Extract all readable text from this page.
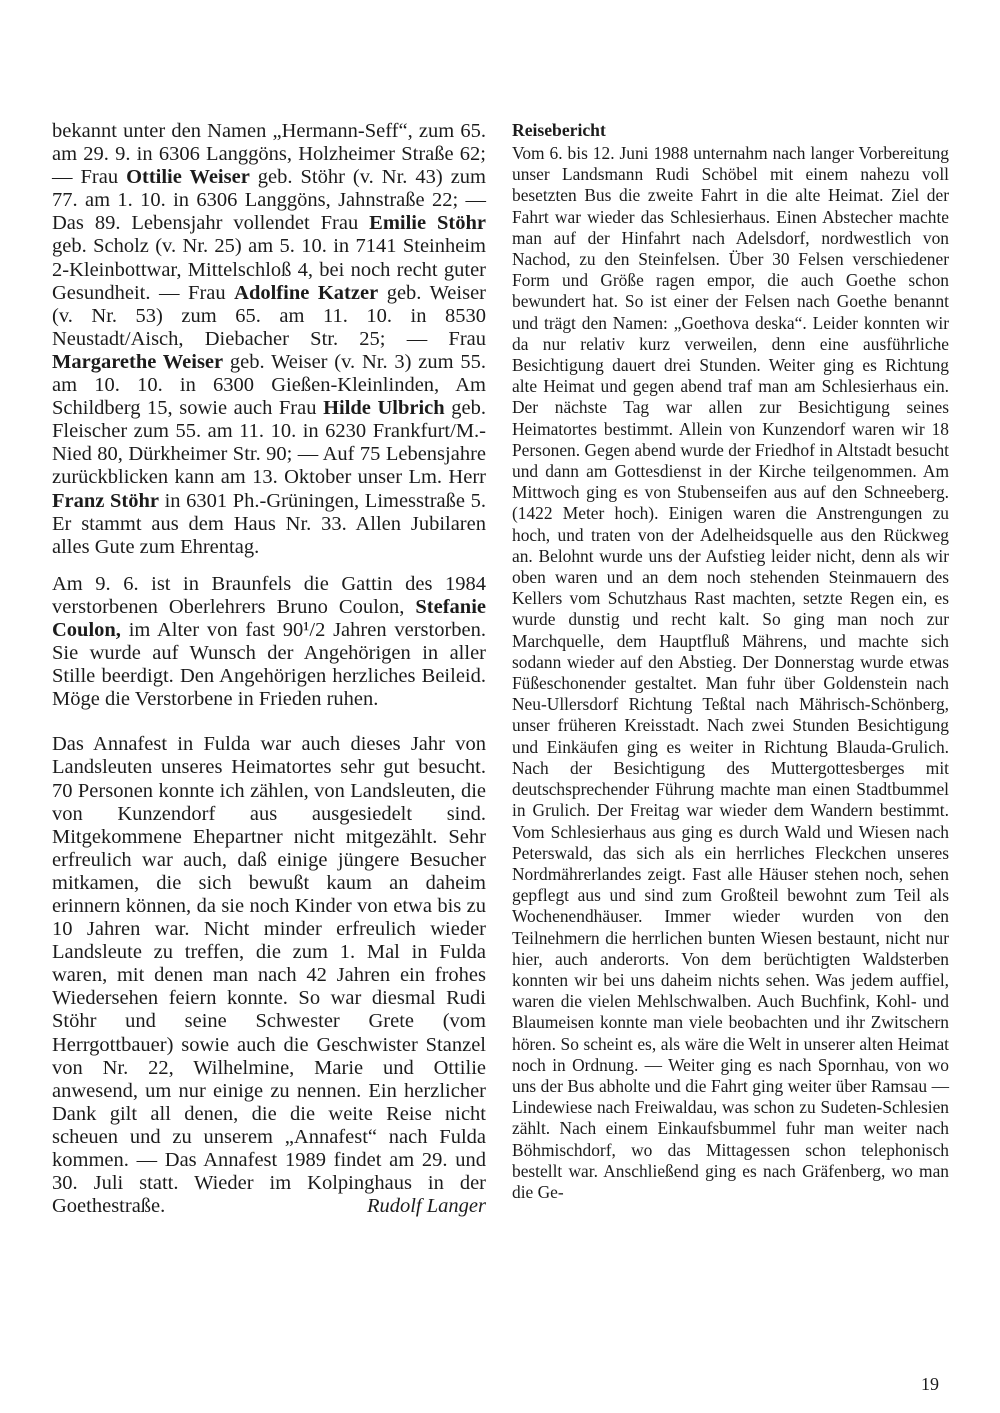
bekannt unter den Namen „Hermann-Seff“, zum 65. am 29. 9. in 6306 Langgöns, Holzheimer Straße 62; — Frau Ottilie Weiser geb. Stöhr (v. Nr. 43) zum 77. am 1. 10. in 6306 Langgöns, Jahnstraße 22; — Das 89. Lebensjahr vollendet Frau Emilie Stöhr geb. Scholz (v. Nr. 25) am 5. 10. in 7141 Steinheim 2-Kleinbottwar, Mittelschloß 4, bei noch recht guter Gesundheit. — Frau Adolfine Katzer geb. Weiser (v. Nr. 53) zum 65. am 11. 10. in 8530 Neustadt/Aisch, Diebacher Str. 25; — Frau Margarethe Weiser geb. Weiser (v. Nr. 3) zum 55. am 10. 10. in 6300 Gießen-Kleinlinden, Am Schildberg 15, sowie auch Frau Hilde Ulbrich geb. Fleischer zum 55. am 11. 10. in 6230 Frankfurt/M.-Nied 80, Dürkheimer Str. 90; — Auf 75 Lebensjahre zurückblicken kann am 13. Oktober unser Lm. Herr Franz Stöhr in 6301 Ph.-Grüningen, Limesstraße 5. Er stammt aus dem Haus Nr. 33. Allen Jubilaren alles Gute zum Ehrentag.

Am 9. 6. ist in Braunfels die Gattin des 1984 verstorbenen Oberlehrers Bruno Coulon, Stefanie Coulon, im Alter von fast 90¹/2 Jahren verstorben. Sie wurde auf Wunsch der Angehörigen in aller Stille beerdigt. Den Angehörigen herzliches Beileid. Möge die Verstorbene in Frieden ruhen.

Das Annafest in Fulda war auch dieses Jahr von Landsleuten unseres Heimatortes sehr gut besucht. 70 Personen konnte ich zählen, von Landsleuten, die von Kunzendorf aus ausgesiedelt sind. Mitgekommene Ehepartner nicht mitgezählt. Sehr erfreulich war auch, daß einige jüngere Besucher mitkamen, die sich bewußt kaum an daheim erinnern können, da sie noch Kinder von etwa bis zu 10 Jahren war. Nicht minder erfreulich wieder Landsleute zu treffen, die zum 1. Mal in Fulda waren, mit denen man nach 42 Jahren ein frohes Wiedersehen feiern konnte. So war diesmal Rudi Stöhr und seine Schwester Grete (vom Herrgottbauer) sowie auch die Geschwister Stanzel von Nr. 22, Wilhelmine, Marie und Ottilie anwesend, um nur einige zu nennen. Ein herzlicher Dank gilt all denen, die die weite Reise nicht scheuen und zu unserem „Annafest“ nach Fulda kommen. — Das Annafest 1989 findet am 29. und 30. Juli statt. Wieder im Kolpinghaus in der Goethestraße.	Rudolf Langer

Reisebericht

Vom 6. bis 12. Juni 1988 unternahm nach langer Vorbereitung unser Landsmann Rudi Schöbel mit einem nahezu voll besetzten Bus die zweite Fahrt in die alte Heimat. Ziel der Fahrt war wieder das Schlesierhaus. Einen Abstecher machte man auf der Hinfahrt nach Adelsdorf, nordwestlich von Nachod, zu den Steinfelsen. Über 30 Felsen verschiedener Form und Größe ragen empor, die auch Goethe schon bewundert hat. So ist einer der Felsen nach Goethe benannt und trägt den Namen: „Goethova deska“. Leider konnten wir da nur relativ kurz verweilen, denn eine ausführliche Besichtigung dauert drei Stunden. Weiter ging es Richtung alte Heimat und gegen abend traf man am Schlesierhaus ein. Der nächste Tag war allen zur Besichtigung seines Heimatortes bestimmt. Allein von Kunzendorf waren wir 18 Personen. Gegen abend wurde der Friedhof in Altstadt besucht und dann am Gottesdienst in der Kirche teilgenommen. Am Mittwoch ging es von Stubenseifen aus auf den Schneeberg. (1422 Meter hoch). Einigen waren die Anstrengungen zu hoch, und traten von der Adelheidsquelle aus den Rückweg an. Belohnt wurde uns der Aufstieg leider nicht, denn als wir oben waren und an dem noch stehenden Steinmauern des Kellers vom Schutzhaus Rast machten, setzte Regen ein, es wurde dunstig und recht kalt. So ging man noch zur Marchquelle, dem Hauptfluß Mährens, und machte sich sodann wieder auf den Abstieg. Der Donnerstag wurde etwas Füßeschonender gestaltet. Man fuhr über Goldenstein nach Neu-Ullersdorf Richtung Teßtal nach Mährisch-Schönberg, unser früheren Kreisstadt. Nach zwei Stunden Besichtigung und Einkäufen ging es weiter in Richtung Blauda-Grulich. Nach der Besichtigung des Muttergottesberges mit deutschsprechender Führung machte man einen Stadtbummel in Grulich. Der Freitag war wieder dem Wandern bestimmt. Vom Schlesierhaus aus ging es durch Wald und Wiesen nach Peterswald, das sich als ein herrliches Fleckchen unseres Nordmährerlandes zeigt. Fast alle Häuser stehen noch, sehen gepflegt aus und sind zum Großteil bewohnt zum Teil als Wochenendhäuser. Immer wieder wurden von den Teilnehmern die herrlichen bunten Wiesen bestaunt, nicht nur hier, auch anderorts. Von dem berüchtigten Waldsterben konnten wir bei uns daheim nichts sehen. Was jedem auffiel, waren die vielen Mehlschwalben. Auch Buchfink, Kohl- und Blaumeisen konnte man viele beobachten und ihr Zwitschern hören. So scheint es, als wäre die Welt in unserer alten Heimat noch in Ordnung. — Weiter ging es nach Spornhau, von wo uns der Bus abholte und die Fahrt ging weiter über Ramsau — Lindewiese nach Freiwaldau, was schon zu Sudeten-Schlesien zählt. Nach einem Einkaufsbummel fuhr man weiter nach Böhmischdorf, wo das Mittagessen schon telephonisch bestellt war. Anschließend ging es nach Gräfenberg, wo man die Ge-

19
